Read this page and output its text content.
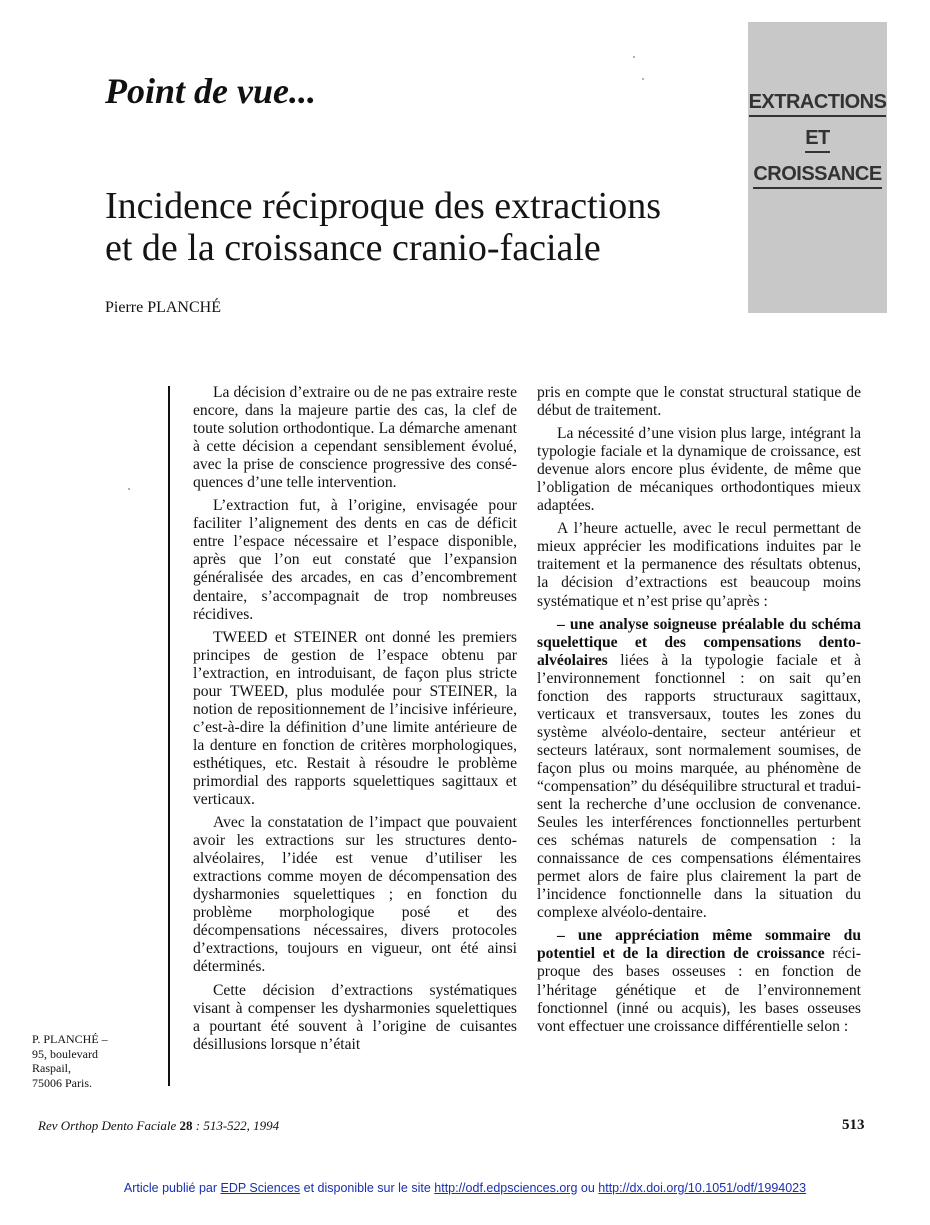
Point de vue...
Incidence réciproque des extractions
et de la croissance cranio-faciale
Pierre PLANCHÉ
EXTRACTIONS
ET
CROISSANCE

La décision d’extraire ou de ne pas extraire reste encore, dans la majeure partie des cas, la clef de toute solution orthodontique. La démarche amenant à cette décision a cependant sensiblement évolué, avec la prise de conscience progressive des conséquences d’une telle intervention.

L’extraction fut, à l’origine, envisagée pour faciliter l’alignement des dents en cas de déficit entre l’espace nécessaire et l’espace disponible, après que l’on eut constaté que l’expansion généralisée des arcades, en cas d’encombrement dentaire, s’accompagnait de trop nombreuses récidives.

TWEED et STEINER ont donné les premiers principes de gestion de l’espace obtenu par l’extraction, en introduisant, de façon plus stricte pour TWEED, plus modulée pour STEINER, la notion de repositionnement de l’incisive inférieure, c’est-à-dire la définition d’une limite antérieure de la denture en fonction de critères morphologiques, esthétiques, etc. Restait à résoudre le problème primordial des rapports squelettiques sagittaux et verticaux.

Avec la constatation de l’impact que pouvaient avoir les extractions sur les structures dento-alvéolaires, l’idée est venue d’utiliser les extractions comme moyen de décompensation des dysharmonies squelettiques ; en fonction du problème morphologique posé et des décompensations nécessaires, divers protocoles d’extractions, toujours en vigueur, ont été ainsi déterminés.

Cette décision d’extractions systématiques visant à compenser les dysharmonies squelettiques a pourtant été souvent à l’origine de cuisantes désillusions lorsque n’était

pris en compte que le constat structural statique de début de traitement.

La nécessité d’une vision plus large, intégrant la typologie faciale et la dynamique de croissance, est devenue alors encore plus évidente, de même que l’obligation de mécaniques orthodontiques mieux adaptées.

A l’heure actuelle, avec le recul permettant de mieux apprécier les modifications induites par le traitement et la permanence des résultats obtenus, la décision d’extractions est beaucoup moins systématique et n’est prise qu’après :

– une analyse soigneuse préalable du schéma squelettique et des compensations dento-alvéolaires liées à la typologie faciale et à l’environnement fonctionnel : on sait qu’en fonction des rapports structuraux sagittaux, verticaux et transversaux, toutes les zones du système alvéolo-dentaire, secteur antérieur et secteurs latéraux, sont normalement soumises, de façon plus ou moins marquée, au phénomène de “compensation” du déséquilibre structural et traduisent la recherche d’une occlusion de convenance. Seules les interférences fonctionnelles perturbent ces schémas naturels de compensation : la connaissance de ces compensations élémentaires permet alors de faire plus clairement la part de l’incidence fonctionnelle dans la situation du complexe alvéolo-dentaire.

– une appréciation même sommaire du potentiel et de la direction de croissance réciproque des bases osseuses : en fonction de l’héritage génétique et de l’environnement fonctionnel (inné ou acquis), les bases osseuses vont effectuer une croissance différentielle selon :

P. PLANCHÉ –
95, boulevard
Raspail,
75006 Paris.
Rev Orthop Dento Faciale 28 : 513-522, 1994	513
Article publié par EDP Sciences et disponible sur le site http://odf.edpsciences.org ou http://dx.doi.org/10.1051/odf/1994023
